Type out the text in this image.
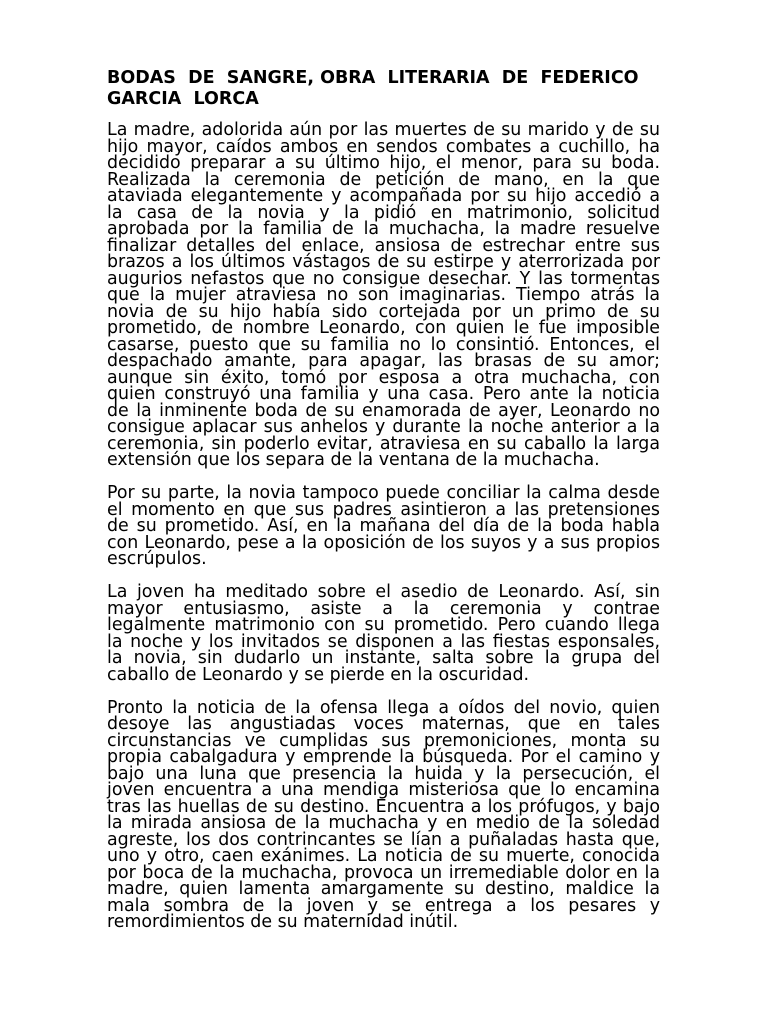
BODAS  DE  SANGRE, OBRA  LITERARIA  DE  FEDERICO
GARCIA  LORCA
La madre, adolorida aún por las muertes de su marido y de su
hijo mayor, caídos ambos en sendos combates a cuchillo, ha
decidido preparar a su último hijo, el menor, para su boda.
Realizada la ceremonia de petición de mano, en la que
ataviada elegantemente y acompañada por su hijo accedió a
la casa de la novia y la pidió en matrimonio, solicitud
aprobada por la familia de la muchacha, la madre resuelve
finalizar detalles del enlace, ansiosa de estrechar entre sus
brazos a los últimos vástagos de su estirpe y aterrorizada por
augurios nefastos que no consigue desechar. Y las tormentas
que la mujer atraviesa no son imaginarias. Tiempo atrás la
novia de su hijo había sido cortejada por un primo de su
prometido, de nombre Leonardo, con quien le fue imposible
casarse, puesto que su familia no lo consintió. Entonces, el
despachado amante, para apagar, las brasas de su amor;
aunque sin éxito, tomó por esposa a otra muchacha, con
quien construyó una familia y una casa. Pero ante la noticia
de la inminente boda de su enamorada de ayer, Leonardo no
consigue aplacar sus anhelos y durante la noche anterior a la
ceremonia, sin poderlo evitar, atraviesa en su caballo la larga
extensión que los separa de la ventana de la muchacha.
Por su parte, la novia tampoco puede conciliar la calma desde
el momento en que sus padres asintieron a las pretensiones
de su prometido. Así, en la mañana del día de la boda habla
con Leonardo, pese a la oposición de los suyos y a sus propios
escrúpulos.
La joven ha meditado sobre el asedio de Leonardo. Así, sin
mayor entusiasmo, asiste a la ceremonia y contrae
legalmente matrimonio con su prometido. Pero cuando llega
la noche y los invitados se disponen a las fiestas esponsales,
la novia, sin dudarlo un instante, salta sobre la grupa del
caballo de Leonardo y se pierde en la oscuridad.
Pronto la noticia de la ofensa llega a oídos del novio, quien
desoye las angustiadas voces maternas, que en tales
circunstancias ve cumplidas sus premoniciones, monta su
propia cabalgadura y emprende la búsqueda. Por el camino y
bajo una luna que presencia la huida y la persecución, el
joven encuentra a una mendiga misteriosa que lo encamina
tras las huellas de su destino. Encuentra a los prófugos, y bajo
la mirada ansiosa de la muchacha y en medio de la soledad
agreste, los dos contrincantes se lían a puñaladas hasta que,
uno y otro, caen exánimes. La noticia de su muerte, conocida
por boca de la muchacha, provoca un irremediable dolor en la
madre, quien lamenta amargamente su destino, maldice la
mala sombra de la joven y se entrega a los pesares y
remordimientos de su maternidad inútil.
